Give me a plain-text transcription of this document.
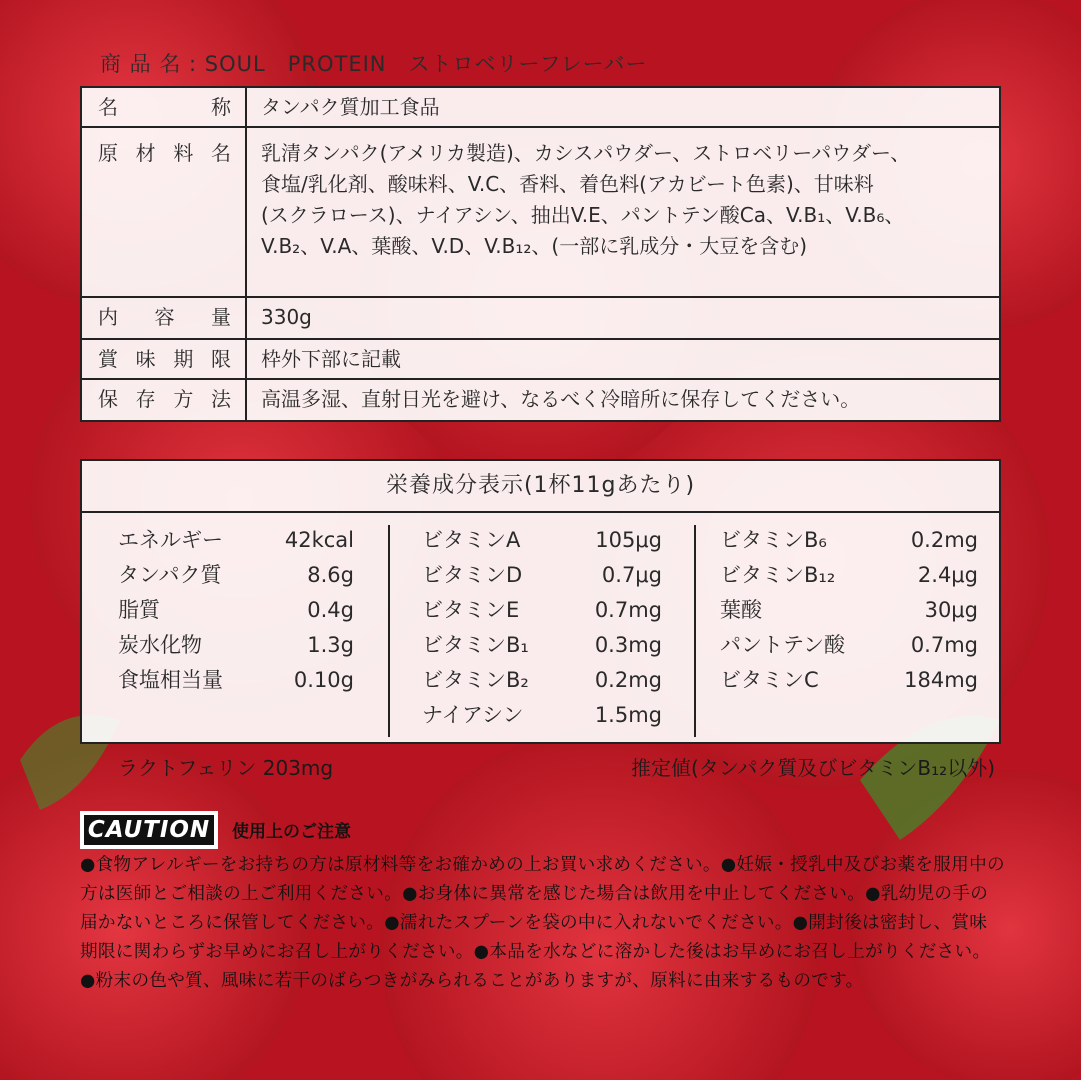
商 品 名 : SOUL　PROTEIN　ストロベリーフレーバー
名	称	タンパク質加工食品
原 材 料 名 乳清タンパク(アメリカ製造)、カシスパウダー、ストロベリーパウダー、
食塩/乳化剤、酸味料、V.C、香料、着色料(アカビート色素)、甘味料
(スクラロース)、ナイアシン、抽出V.E、パントテン酸Ca、V.B₁、V.B₆、
V.B₂、V.A、葉酸、V.D、V.B₁₂、(一部に乳成分・大豆を含む)
内 容 量	330g
賞 味 期 限	枠外下部に記載
保 存 方 法	高温多湿、直射日光を避け、なるべく冷暗所に保存してください。
栄養成分表示(1杯11gあたり)
エネルギー	42kcal
タンパク質	8.6g
脂質	0.4g
炭水化物	1.3g
食塩相当量	0.10g
ビタミンA	105μg
ビタミンD	0.7μg
ビタミンE	0.7mg
ビタミンB₁	0.3mg
ビタミンB₂	0.2mg
ナイアシン	1.5mg
ビタミンB₆	0.2mg
ビタミンB₁₂	2.4μg
葉酸	30μg
パントテン酸	0.7mg
ビタミンC	184mg
ラクトフェリン 203mg	推定値(タンパク質及びビタミンB₁₂以外)
CAUTION 使用上のご注意
●食物アレルギーをお持ちの方は原材料等をお確かめの上お買い求めください。●妊娠・授乳中及びお薬を服用中の方は医師とご相談の上ご利用ください。●お身体に異常を感じた場合は飲用を中止してください。●乳幼児の手の届かないところに保管してください。●濡れたスプーンを袋の中に入れないでください。●開封後は密封し、賞味期限に関わらずお早めにお召し上がりください。●本品を水などに溶かした後はお早めにお召し上がりください。●粉末の色や質、風味に若干のばらつきがみられることがありますが、原料に由来するものです。
